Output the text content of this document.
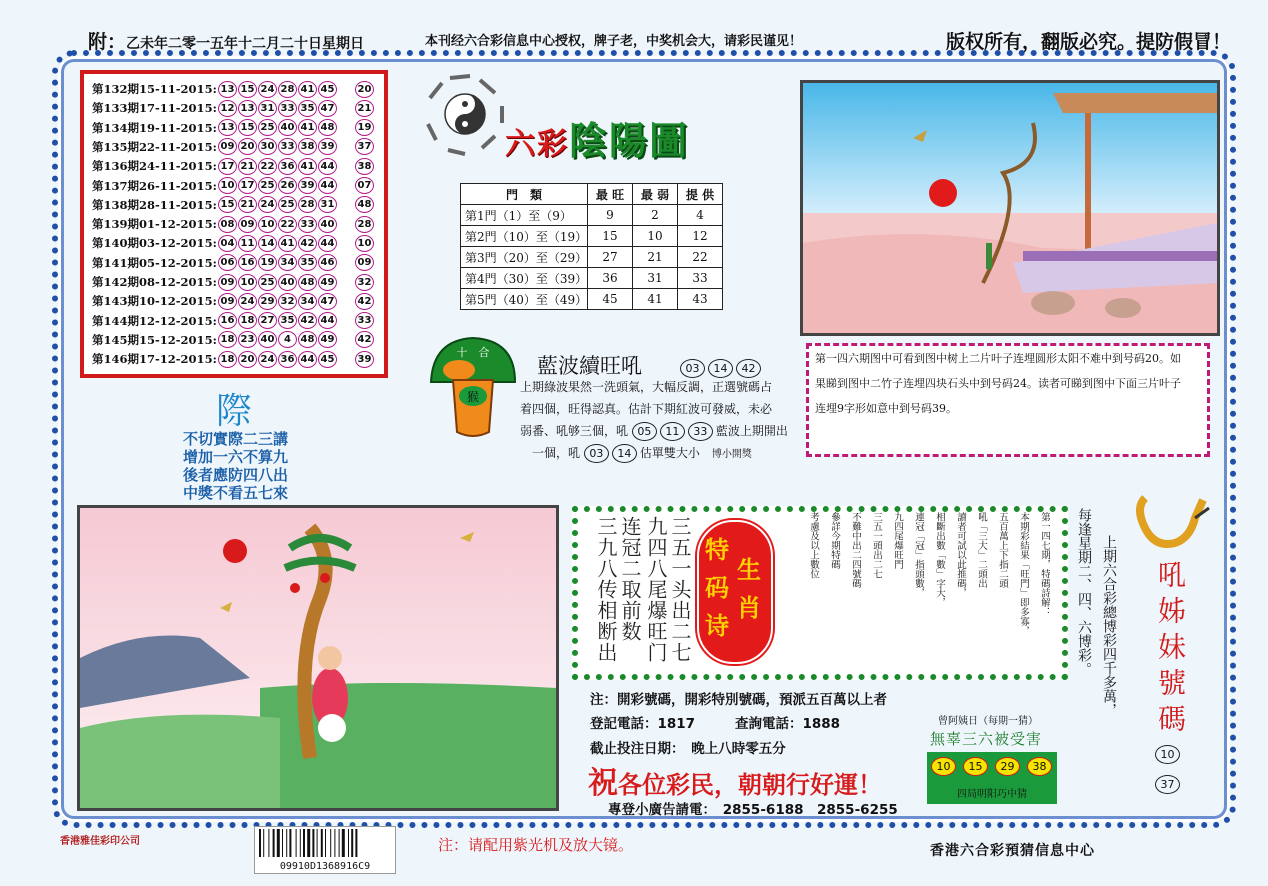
附：乙未年二零一五年十二月二十日星期日	本刊经六合彩信息中心授权，牌子老，中奖机会大，请彩民谨见！	版权所有，翻版必究。提防假冒！
第132期15-11-2015: 13 15 24 28 41 45 20
第133期17-11-2015: 12 13 31 33 35 47 21
第134期19-11-2015: 13 15 25 40 41 48 19
第135期22-11-2015: 09 20 30 33 38 39 37
第136期24-11-2015: 17 21 22 36 41 44 38
第137期26-11-2015: 10 17 25 26 39 44 07
第138期28-11-2015: 15 21 24 25 28 31 48
第139期01-12-2015: 08 09 10 22 33 40 28
第140期03-12-2015: 04 11 14 41 42 44 10
第141期05-12-2015: 06 16 19 34 35 46 09
第142期08-12-2015: 09 10 25 40 48 49 32
第143期10-12-2015: 09 24 29 32 34 47 42
第144期12-12-2015: 16 18 27 35 42 44 33
第145期15-12-2015: 18 23 40 4 48 49 42
第146期17-12-2015: 18 20 24 36 44 45 39
六彩陰陽圖
門　類	最 旺	最 弱	提 供
第1門（1）至（9）	9	2	4
第2門（10）至（19）	15	10	12
第3門（20）至（29）	27	21	22
第4門（30）至（39）	36	31	33
第5門（40）至（49）	45	41	43
第一四六期图中可看到图中树上二片叶子连埋圆形太阳不难中到号码20。如
果睇到图中二竹子连埋四块石头中到号码24。读者可睇到图中下面三片叶子
连埋9字形如意中到号码39。
十　合
猴
藍波續旺吼	03 14 42
上期綠波果然一洗頭氣，大幅反調，正選號碼占
着四個，旺得認真。估計下期紅波可發威，未必
弱番、吼够三個，吼 05 11 33 藍波上期開出
　一個，吼 03 14 估單雙大小　 博小開獎
際
不切實際二三講
增加一六不算九
後者應防四八出
中獎不看五七來
特
码
诗
生
肖	第一四七期，特碼詩解：
本期彩結果「旺門」即多寡，
五百萬上下指二頭
吼「三大」二頭出
讀者可試以此推碼，
相斷出數「數」字大，
連冠「冠」指頭數，
九四尾爆旺門
三五一頭出二七
不難中出二四號碼
參詳今期特碼
考慮及以上數位
注：開彩號碼，開彩特別號碼，預派五百萬以上者
登記電話：1817	查詢電話：1888
截止投注日期：　晚上八時零五分
祝各位彩民，朝朝行好運！
專登小廣告請電：　2855-6188　2855-6255
曾阿姨日（每期一猜）
無辜三六被受害
10	15	29	38
四局明阳巧中猜
每逢星期二、四、六博彩。 上期六合彩總博彩四千多萬， 吼姊妹號碼
10
37
香港雅佳彩印公司
09910D1368916C9
注：请配用紫光机及放大镜。	香港六合彩預猜信息中心
三五一头出二七
九四八尾爆旺门
连冠二取前数
三九八传相断出
